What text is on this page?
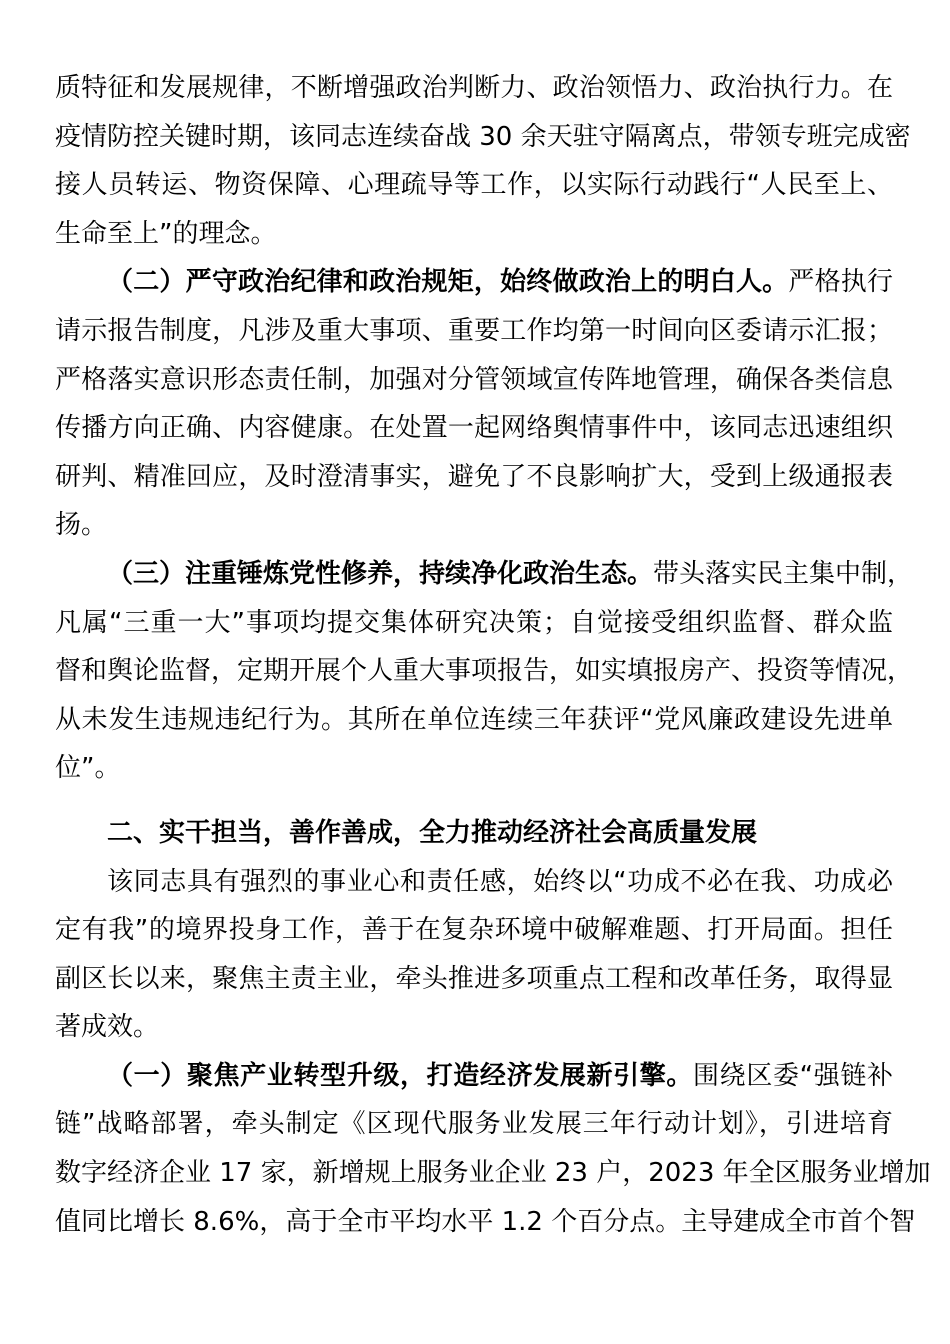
质特征和发展规律，不断增强政治判断力、政治领悟力、政治执行力。在
疫情防控关键时期，该同志连续奋战 30 余天驻守隔离点，带领专班完成密
接人员转运、物资保障、心理疏导等工作，以实际行动践行“人民至上、
生命至上”的理念。
（二）严守政治纪律和政治规矩，始终做政治上的明白人。严格执行
请示报告制度，凡涉及重大事项、重要工作均第一时间向区委请示汇报；
严格落实意识形态责任制，加强对分管领域宣传阵地管理，确保各类信息
传播方向正确、内容健康。在处置一起网络舆情事件中，该同志迅速组织
研判、精准回应，及时澄清事实，避免了不良影响扩大，受到上级通报表
扬。
（三）注重锤炼党性修养，持续净化政治生态。带头落实民主集中制，
凡属“三重一大”事项均提交集体研究决策；自觉接受组织监督、群众监
督和舆论监督，定期开展个人重大事项报告，如实填报房产、投资等情况，
从未发生违规违纪行为。其所在单位连续三年获评“党风廉政建设先进单
位”。
二、实干担当，善作善成，全力推动经济社会高质量发展
该同志具有强烈的事业心和责任感，始终以“功成不必在我、功成必
定有我”的境界投身工作，善于在复杂环境中破解难题、打开局面。担任
副区长以来，聚焦主责主业，牵头推进多项重点工程和改革任务，取得显
著成效。
（一）聚焦产业转型升级，打造经济发展新引擎。围绕区委“强链补
链”战略部署，牵头制定《区现代服务业发展三年行动计划》，引进培育
数字经济企业 17 家，新增规上服务业企业 23 户，2023 年全区服务业增加
值同比增长 8.6%，高于全市平均水平 1.2 个百分点。主导建成全市首个智
